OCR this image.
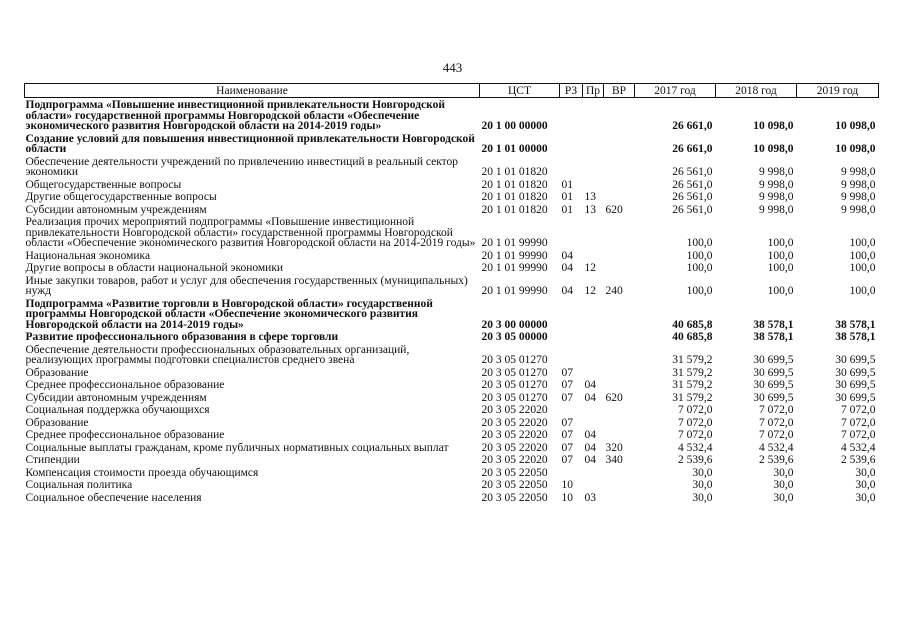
443
Наименование	ЦСТ	РЗ	Пр	ВР	2017 год	2018 год	2019 год
Подпрограмма «Повышение инвестиционной привлекательности Новгородской области» государственной программы Новгородской области «Обеспечение экономического развития Новгородской области на 2014-2019 годы»	20 1 00 00000				26 661,0	10 098,0	10 098,0
Создание условий для повышения инвестиционной привлекательности Новгородской области	20 1 01 00000				26 661,0	10 098,0	10 098,0
Обеспечение деятельности учреждений по привлечению инвестиций в реальный сектор экономики	20 1 01 01820				26 561,0	9 998,0	9 998,0
Общегосударственные вопросы	20 1 01 01820	01			26 561,0	9 998,0	9 998,0
Другие общегосударственные вопросы	20 1 01 01820	01	13		26 561,0	9 998,0	9 998,0
Субсидии автономным учреждениям	20 1 01 01820	01	13	620	26 561,0	9 998,0	9 998,0
Реализация прочих мероприятий подпрограммы «Повышение инвестиционной привлекательности Новгородской области» государственной программы Новгородской области «Обеспечение экономического развития Новгородской области на 2014-2019 годы»	20 1 01 99990				100,0	100,0	100,0
Национальная экономика	20 1 01 99990	04			100,0	100,0	100,0
Другие вопросы в области национальной экономики	20 1 01 99990	04	12		100,0	100,0	100,0
Иные закупки товаров, работ и услуг для обеспечения государственных (муниципальных) нужд	20 1 01 99990	04	12	240	100,0	100,0	100,0
Подпрограмма «Развитие торговли в Новгородской области» государственной программы Новгородской области «Обеспечение экономического развития Новгородской области на 2014-2019 годы»	20 3 00 00000				40 685,8	38 578,1	38 578,1
Развитие профессионального образования в сфере торговли	20 3 05 00000				40 685,8	38 578,1	38 578,1
Обеспечение деятельности профессиональных образовательных организаций, реализующих программы подготовки специалистов среднего звена	20 3 05 01270				31 579,2	30 699,5	30 699,5
Образование	20 3 05 01270	07			31 579,2	30 699,5	30 699,5
Среднее профессиональное образование	20 3 05 01270	07	04		31 579,2	30 699,5	30 699,5
Субсидии автономным учреждениям	20 3 05 01270	07	04	620	31 579,2	30 699,5	30 699,5
Социальная поддержка обучающихся	20 3 05 22020				7 072,0	7 072,0	7 072,0
Образование	20 3 05 22020	07			7 072,0	7 072,0	7 072,0
Среднее профессиональное образование	20 3 05 22020	07	04		7 072,0	7 072,0	7 072,0
Социальные выплаты гражданам, кроме публичных нормативных социальных выплат	20 3 05 22020	07	04	320	4 532,4	4 532,4	4 532,4
Стипендии	20 3 05 22020	07	04	340	2 539,6	2 539,6	2 539,6
Компенсация стоимости проезда обучающимся	20 3 05 22050				30,0	30,0	30,0
Социальная политика	20 3 05 22050	10			30,0	30,0	30,0
Социальное обеспечение населения	20 3 05 22050	10	03		30,0	30,0	30,0
